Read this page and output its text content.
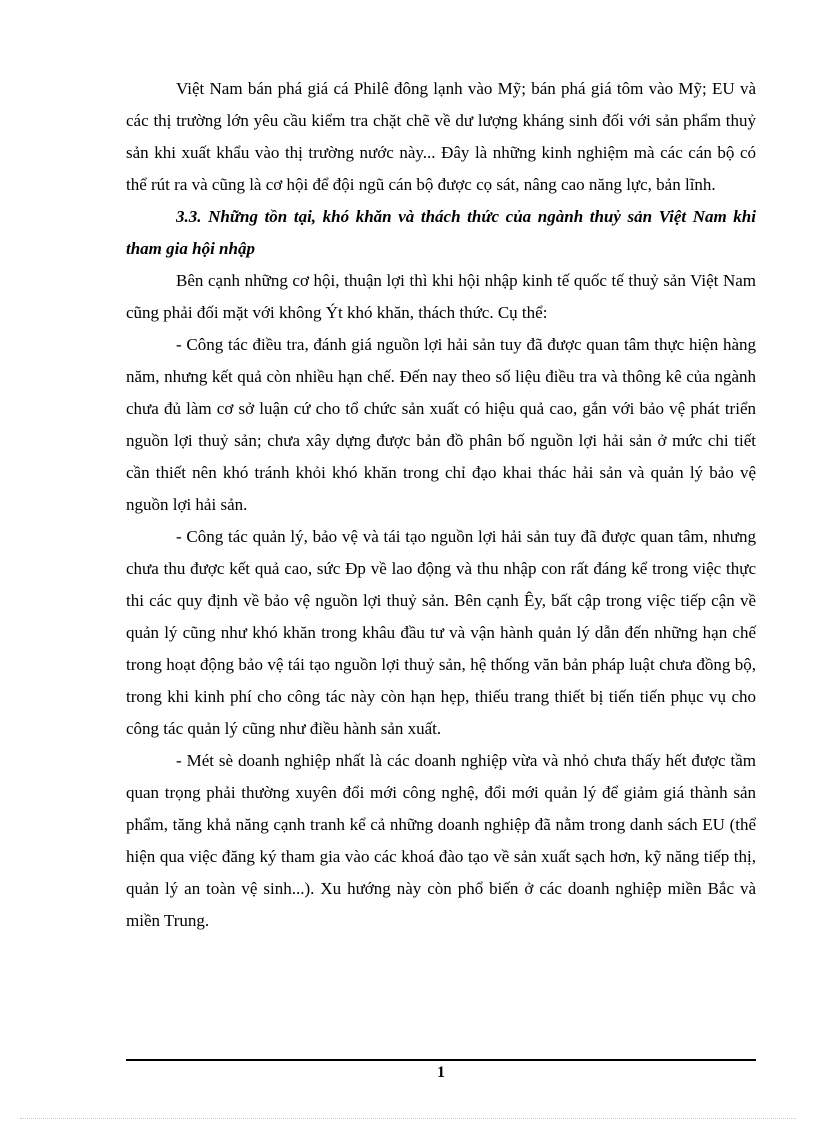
Việt Nam bán phá giá cá Philê đông lạnh vào Mỹ; bán phá giá tôm vào Mỹ; EU và các thị trường lớn yêu cầu kiểm tra chặt chẽ về dư lượng kháng sinh đối với sản phẩm thuỷ sản khi xuất khẩu vào thị trường nước này... Đây là những kinh nghiệm mà các cán bộ có thể rút ra và cũng là cơ hội để đội ngũ cán bộ được cọ sát, nâng cao năng lực, bản lĩnh.

3.3. Những tồn tại, khó khăn và thách thức của ngành thuỷ sản Việt Nam khi tham gia hội nhập

Bên cạnh những cơ hội, thuận lợi thì khi hội nhập kinh tế quốc tế thuỷ sản Việt Nam cũng phải đối mặt với không Ýt khó khăn, thách thức. Cụ thể:

- Công tác điều tra, đánh giá nguồn lợi hải sản tuy đã được quan tâm thực hiện hàng năm, nhưng kết quả còn nhiều hạn chế. Đến nay theo số liệu điều tra và thông kê của ngành chưa đủ làm cơ sở luận cứ cho tổ chức sản xuất có hiệu quả cao, gắn với bảo vệ phát triển nguồn lợi thuỷ sản; chưa xây dựng được bản đồ phân bố nguồn lợi hải sản ở mức chi tiết cần thiết nên khó tránh khỏi khó khăn trong chỉ đạo khai thác hải sản và quản lý bảo vệ nguồn lợi hải sản.

- Công tác quản lý, bảo vệ và tái tạo nguồn lợi hải sản tuy đã được quan tâm, nhưng chưa thu được kết quả cao, sức Ðp về lao động và thu nhập con rất đáng kể trong việc thực thi các quy định về bảo vệ nguồn lợi thuỷ sản. Bên cạnh Êy, bất cập trong việc tiếp cận về quản lý cũng như khó khăn trong khâu đầu tư và vận hành quản lý dẫn đến những hạn chế trong hoạt động bảo vệ tái tạo nguồn lợi thuỷ sản, hệ thống văn bản pháp luật chưa đồng bộ, trong khi kinh phí cho công tác này còn hạn hẹp, thiếu trang thiết bị tiến tiến phục vụ cho công tác quản lý cũng như điều hành sản xuất.

- Mét sè doanh nghiệp nhất là các doanh nghiệp vừa và nhỏ chưa thấy hết được tầm quan trọng phải thường xuyên đổi mới công nghệ, đổi mới quản lý để giảm giá thành sản phẩm, tăng khả năng cạnh tranh kể cả những doanh nghiệp đã nằm trong danh sách EU (thể hiện qua việc đăng ký tham gia vào các khoá đào tạo về sản xuất sạch hơn, kỹ năng tiếp thị, quản lý an toàn vệ sinh...). Xu hướng này còn phổ biến ở các doanh nghiệp miền Bắc và miền Trung.

1
